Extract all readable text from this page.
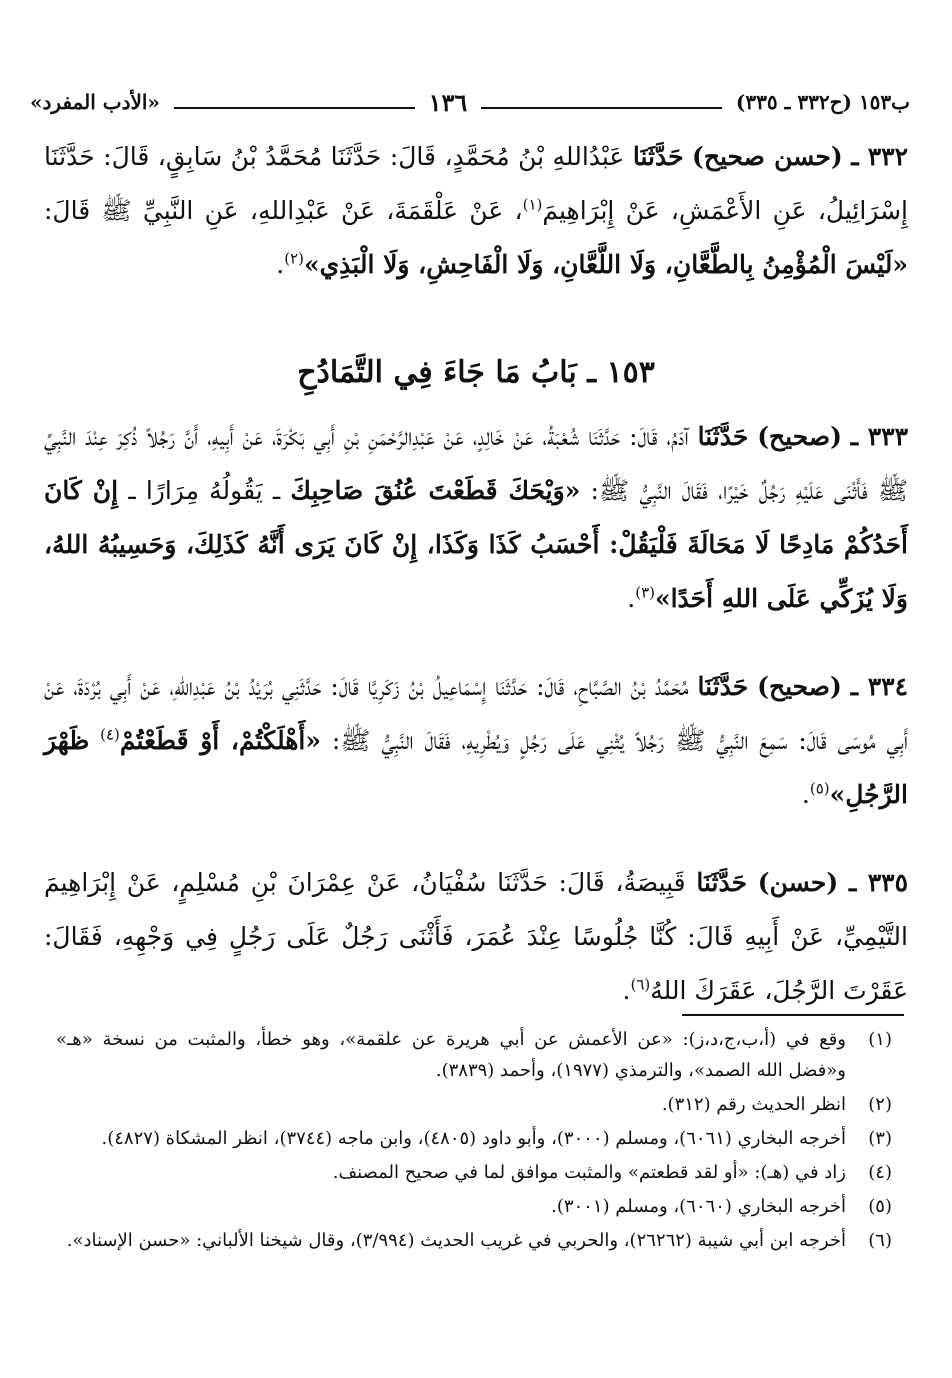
ب١٥٣ (ح٣٣٢ ـ ٣٣٥)
١٣٦
«الأدب المفرد»
٣٣٢ ـ (حسن صحيح) حَدَّثَنَا عَبْدُاللهِ بْنُ مُحَمَّدٍ، قَالَ: حَدَّثَنَا مُحَمَّدُ بْنُ سَابِقٍ، قَالَ: حَدَّثَنَا إِسْرَائِيلُ، عَنِ الأَعْمَشِ، عَنْ إِبْرَاهِيمَ$^{(١)}$، عَنْ عَلْقَمَةَ، عَنْ عَبْدِاللهِ، عَنِ النَّبِيِّ ﷺ قَالَ: «لَيْسَ الْمُؤْمِنُ بِالطَّعَّانِ، وَلَا اللَّعَّانِ، وَلَا الْفَاحِشِ، وَلَا الْبَذِي»$^{(٢)}$.
١٥٣ ـ بَابُ مَا جَاءَ فِي التَّمَادُحِ
٣٣٣ ـ (صحيح) حَدَّثَنَا آدَمُ، قَالَ: حَدَّثَنَا شُعْبَةُ، عَنْ خَالِدٍ، عَنْ عَبْدِالرَّحْمَنِ بْنِ أَبِي بَكْرَةَ، عَنْ أَبِيهِ، أَنَّ رَجُلاً ذُكِرَ عِنْدَ النَّبِيِّ ﷺ فَأَثْنَى عَلَيْهِ رَجُلٌ خَيْرًا، فَقَالَ النَّبِيُّ ﷺ: «وَيْحَكَ قَطَعْتَ عُنُقَ صَاحِبِكَ ـ يَقُولُهُ مِرَارًا ـ إِنْ كَانَ أَحَدُكُمْ مَادِحًا لَا مَحَالَةَ فَلْيَقُلْ: أَحْسَبُ كَذَا وَكَذَا، إِنْ كَانَ يَرَى أَنَّهُ كَذَلِكَ، وَحَسِيبُهُ اللهُ، وَلَا يُزَكِّي عَلَى اللهِ أَحَدًا»$^{(٣)}$.
٣٣٤ ـ (صحيح) حَدَّثَنَا مُحَمَّدُ بْنُ الصَّبَّاحِ، قَالَ: حَدَّثَنَا إِسْمَاعِيلُ بْنُ زَكَرِيَّا قَالَ: حَدَّثَنِي بُرَيْدُ بْنُ عَبْدِاللهِ، عَنْ أَبِي بُرْدَةَ، عَنْ أَبِي مُوسَى قَالَ: سَمِعَ النَّبِيُّ ﷺ رَجُلاً يُثْنِي عَلَى رَجُلٍ وَيُطْرِيهِ، فَقَالَ النَّبِيُّ ﷺ: «أَهْلَكْتُمْ، أَوْ قَطَعْتُمْ$^{(٤)}$ ظَهْرَ الرَّجُلِ»$^{(٥)}$.
٣٣٥ ـ (حسن) حَدَّثَنَا قَبِيصَةُ، قَالَ: حَدَّثَنَا سُفْيَانُ، عَنْ عِمْرَانَ بْنِ مُسْلِمٍ، عَنْ إِبْرَاهِيمَ التَّيْمِيِّ، عَنْ أَبِيهِ قَالَ: كُنَّا جُلُوسًا عِنْدَ عُمَرَ، فَأَثْنَى رَجُلٌ عَلَى رَجُلٍ فِي وَجْهِهِ، فَقَالَ: عَقَرْتَ الرَّجُلَ، عَقَرَكَ اللهُ$^{(٦)}$.
(١)
وقع في (أ،ب،ج،د،ز): «عن الأعمش عن أبي هريرة عن علقمة»، وهو خطأ، والمثبت من نسخة «هـ» و«فضل الله الصمد»، والترمذي (١٩٧٧)، وأحمد (٣٨٣٩).
(٢)
انظر الحديث رقم (٣١٢).
(٣)
أخرجه البخاري (٦٠٦١)، ومسلم (٣٠٠٠)، وأبو داود (٤٨٠٥)، وابن ماجه (٣٧٤٤)، انظر المشكاة (٤٨٢٧).
(٤)
زاد في (هـ): «أو لقد قطعتم» والمثبت موافق لما في صحيح المصنف.
(٥)
أخرجه البخاري (٦٠٦٠)، ومسلم (٣٠٠١).
(٦)
أخرجه ابن أبي شيبة (٢٦٢٦٢)، والحربي في غريب الحديث (٣/٩٩٤)، وقال شيخنا الألباني: «حسن الإسناد».
